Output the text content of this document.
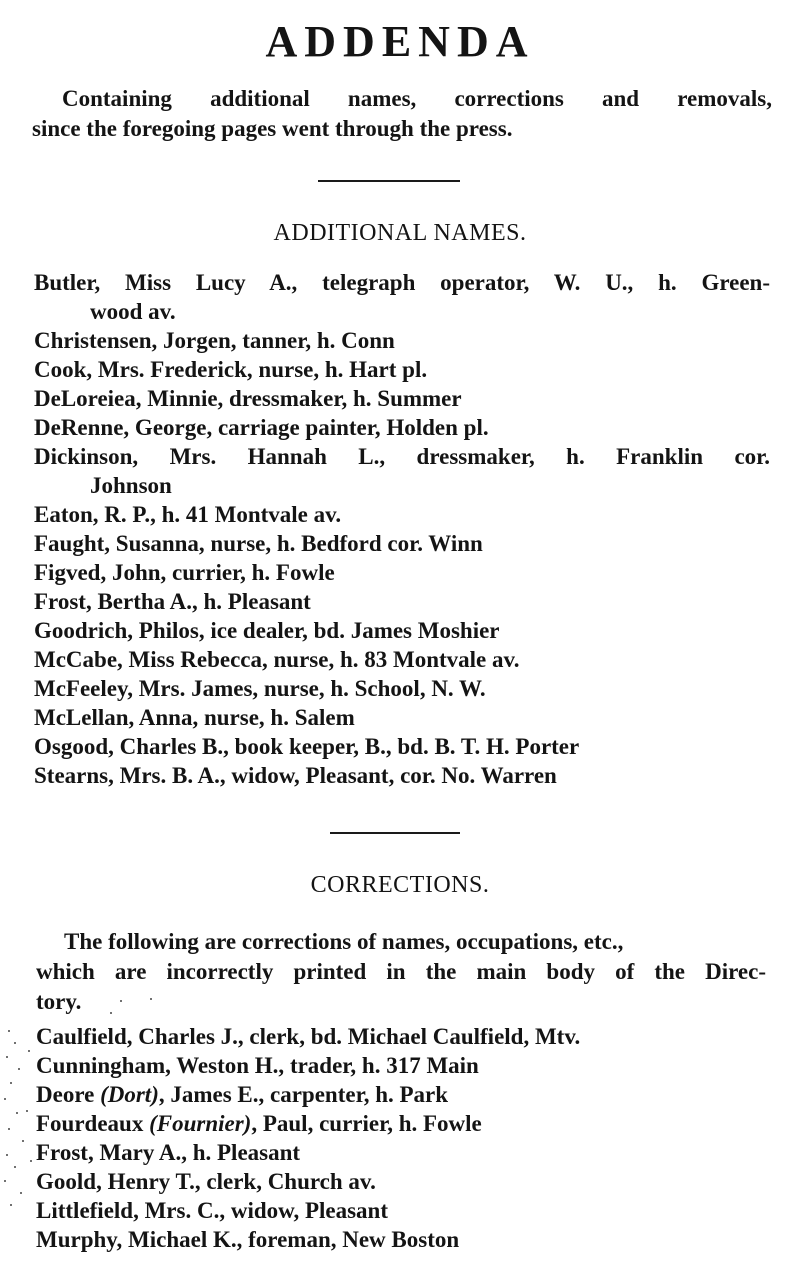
ADDENDA
Containing additional names, corrections and removals,
since the foregoing pages went through the press.
ADDITIONAL NAMES.

Butler, Miss Lucy A., telegraph operator, W. U., h. Green-
wood av.

Christensen, Jorgen, tanner, h. Conn

Cook, Mrs. Frederick, nurse, h. Hart pl.

DeLoreiea, Minnie, dressmaker, h. Summer

DeRenne, George, carriage painter, Holden pl.

Dickinson, Mrs. Hannah L., dressmaker, h. Franklin cor.
Johnson

Eaton, R. P., h. 41 Montvale av.

Faught, Susanna, nurse, h. Bedford cor. Winn

Figved, John, currier, h. Fowle

Frost, Bertha A., h. Pleasant

Goodrich, Philos, ice dealer, bd. James Moshier

McCabe, Miss Rebecca, nurse, h. 83 Montvale av.

McFeeley, Mrs. James, nurse, h. School, N. W.

McLellan, Anna, nurse, h. Salem

Osgood, Charles B., book keeper, B., bd. B. T. H. Porter

Stearns, Mrs. B. A., widow, Pleasant, cor. No. Warren

CORRECTIONS.
The following are corrections of names, occupations, etc.,
which are incorrectly printed in the main body of the Direc-
tory.

Caulfield, Charles J., clerk, bd. Michael Caulfield, Mtv.

Cunningham, Weston H., trader, h. 317 Main

Deore (Dort), James E., carpenter, h. Park

Fourdeaux (Fournier), Paul, currier, h. Fowle

Frost, Mary A., h. Pleasant

Goold, Henry T., clerk, Church av.

Littlefield, Mrs. C., widow, Pleasant

Murphy, Michael K., foreman, New Boston
